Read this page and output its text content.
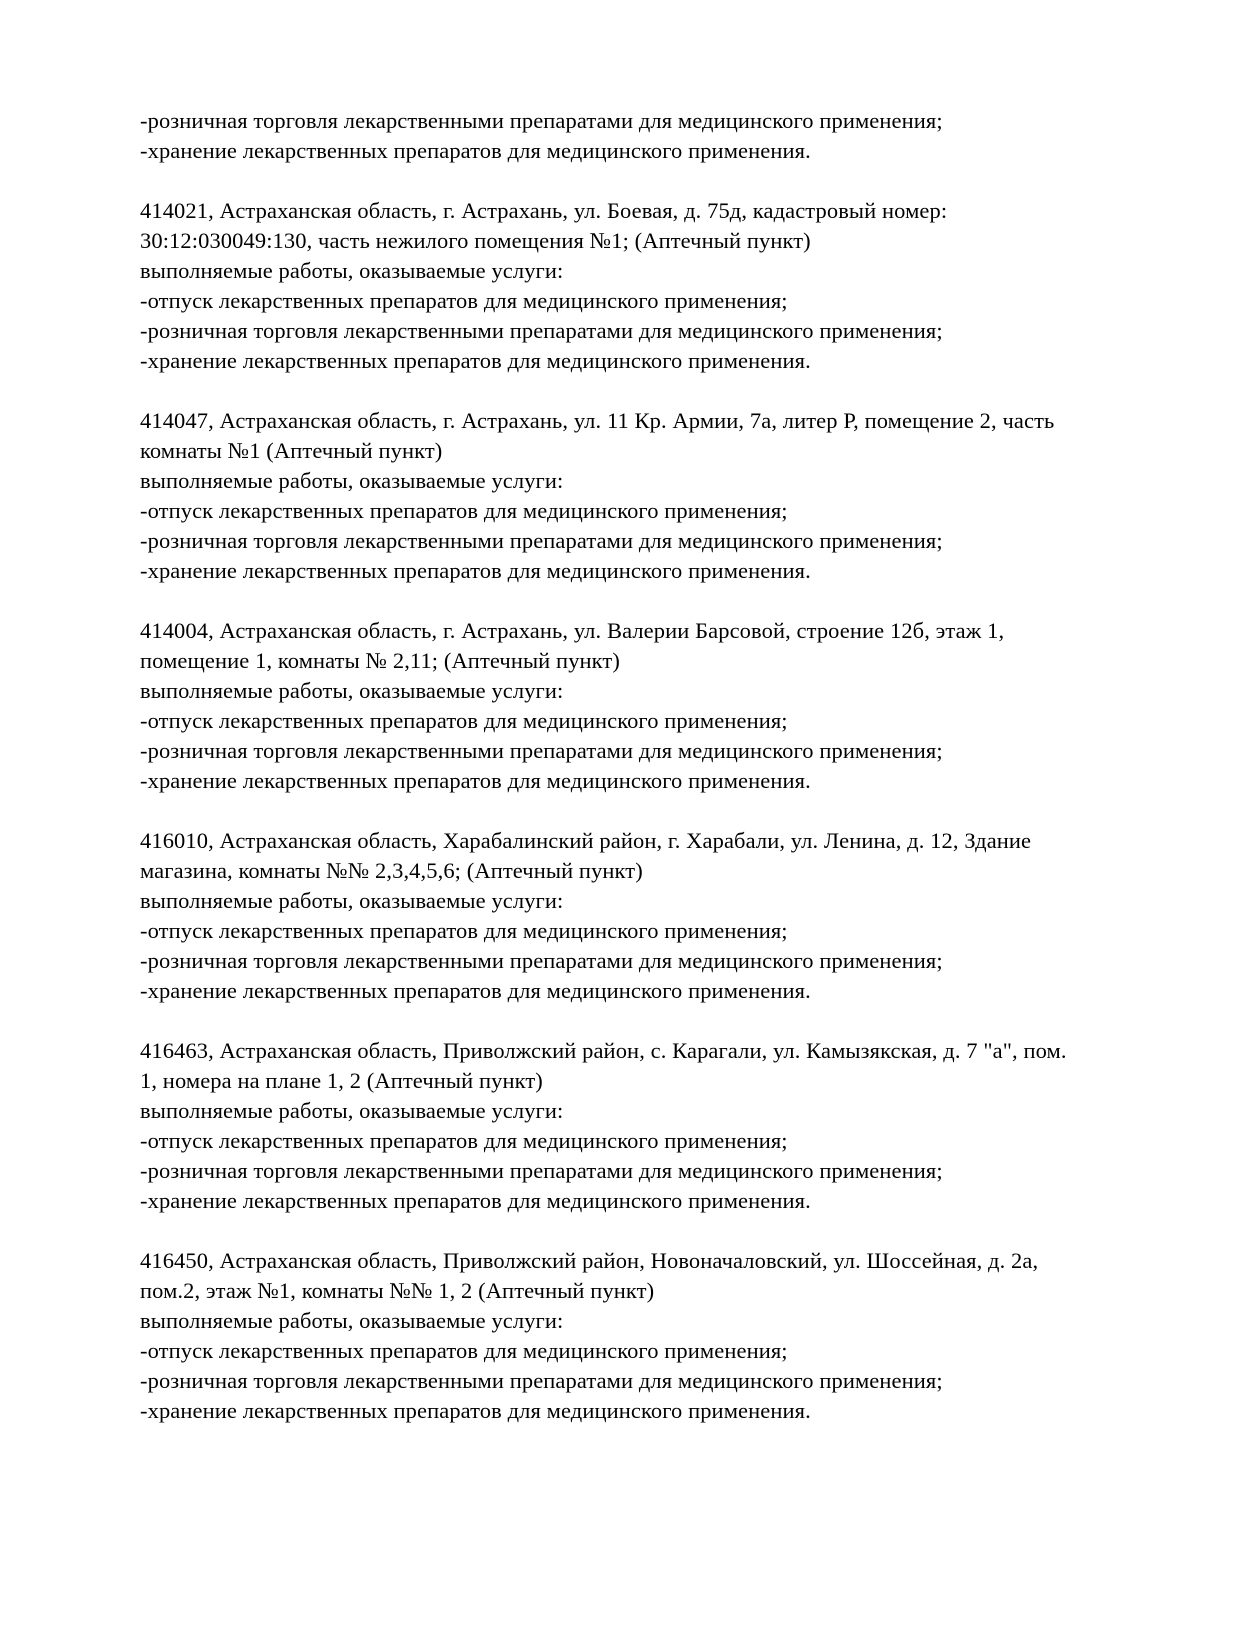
-розничная торговля лекарственными препаратами для медицинского применения;

-хранение лекарственных препаратов для медицинского применения.

414021, Астраханская область, г. Астрахань, ул. Боевая, д. 75д, кадастровый номер:

30:12:030049:130, часть нежилого помещения №1; (Аптечный пункт)

выполняемые работы, оказываемые услуги:

-отпуск лекарственных препаратов для медицинского применения;

-розничная торговля лекарственными препаратами для медицинского применения;

-хранение лекарственных препаратов для медицинского применения.

414047, Астраханская область, г. Астрахань, ул. 11 Кр. Армии, 7а, литер Р, помещение 2, часть

комнаты №1 (Аптечный пункт)

выполняемые работы, оказываемые услуги:

-отпуск лекарственных препаратов для медицинского применения;

-розничная торговля лекарственными препаратами для медицинского применения;

-хранение лекарственных препаратов для медицинского применения.

414004, Астраханская область, г. Астрахань, ул. Валерии Барсовой, строение 12б, этаж 1,

помещение 1, комнаты № 2,11; (Аптечный пункт)

выполняемые работы, оказываемые услуги:

-отпуск лекарственных препаратов для медицинского применения;

-розничная торговля лекарственными препаратами для медицинского применения;

-хранение лекарственных препаратов для медицинского применения.

416010, Астраханская область, Харабалинский район, г. Харабали, ул. Ленина, д. 12, Здание

магазина, комнаты №№ 2,3,4,5,6; (Аптечный пункт)

выполняемые работы, оказываемые услуги:

-отпуск лекарственных препаратов для медицинского применения;

-розничная торговля лекарственными препаратами для медицинского применения;

-хранение лекарственных препаратов для медицинского применения.

416463, Астраханская область, Приволжский район, с. Карагали, ул. Камызякская, д. 7 "а", пом.

1, номера на плане 1, 2 (Аптечный пункт)

выполняемые работы, оказываемые услуги:

-отпуск лекарственных препаратов для медицинского применения;

-розничная торговля лекарственными препаратами для медицинского применения;

-хранение лекарственных препаратов для медицинского применения.

416450, Астраханская область, Приволжский район, Новоначаловский, ул. Шоссейная, д. 2а,

пом.2, этаж №1, комнаты №№ 1, 2 (Аптечный пункт)

выполняемые работы, оказываемые услуги:

-отпуск лекарственных препаратов для медицинского применения;

-розничная торговля лекарственными препаратами для медицинского применения;

-хранение лекарственных препаратов для медицинского применения.
